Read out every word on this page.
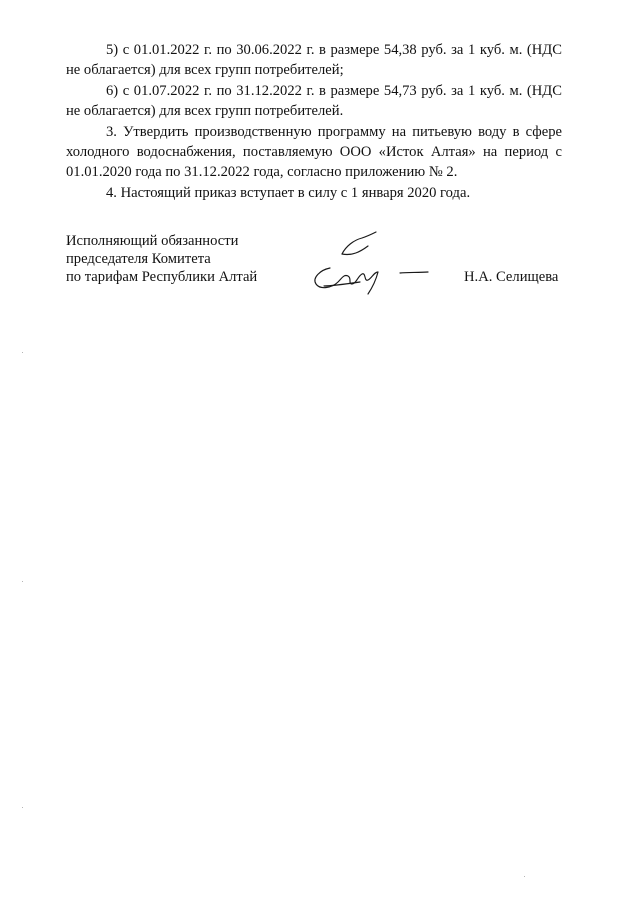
5) с 01.01.2022 г. по 30.06.2022 г. в размере 54,38 руб. за 1 куб. м. (НДС не облагается) для всех групп потребителей;

6) с 01.07.2022 г. по 31.12.2022 г. в размере 54,73 руб. за 1 куб. м. (НДС не облагается) для всех групп потребителей.

3. Утвердить производственную программу на питьевую воду в сфере холодного водоснабжения, поставляемую ООО «Исток Алтая» на период с 01.01.2020 года по 31.12.2022 года, согласно приложению № 2.

4. Настоящий приказ вступает в силу с 1 января 2020 года.

Исполняющий обязанности
председателя Комитета
по тарифам Республики Алтай	Н.А. Селищева
